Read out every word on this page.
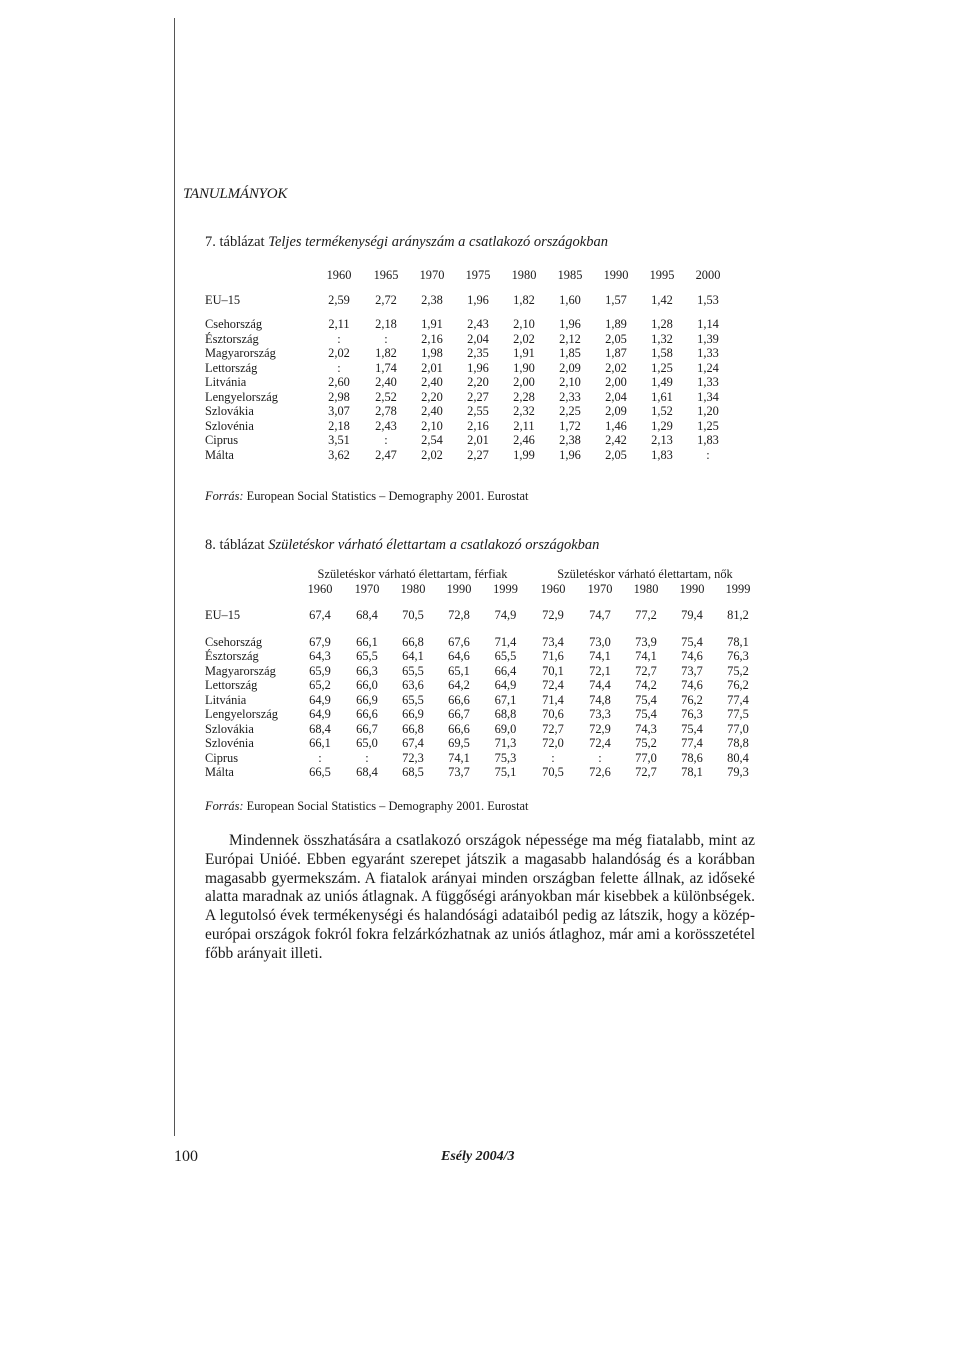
TANULMÁNYOK
7. táblázat Teljes termékenységi arányszám a csatlakozó országokban
	1960	1965	1970	1975	1980	1985	1990	1995	2000

EU–15	2,59	2,72	2,38	1,96	1,82	1,60	1,57	1,42	1,53

Csehország	2,11	2,18	1,91	2,43	2,10	1,96	1,89	1,28	1,14
Észtország	:	:	2,16	2,04	2,02	2,12	2,05	1,32	1,39
Magyarország	2,02	1,82	1,98	2,35	1,91	1,85	1,87	1,58	1,33
Lettország	:	1,74	2,01	1,96	1,90	2,09	2,02	1,25	1,24
Litvánia	2,60	2,40	2,40	2,20	2,00	2,10	2,00	1,49	1,33
Lengyelország	2,98	2,52	2,20	2,27	2,28	2,33	2,04	1,61	1,34
Szlovákia	3,07	2,78	2,40	2,55	2,32	2,25	2,09	1,52	1,20
Szlovénia	2,18	2,43	2,10	2,16	2,11	1,72	1,46	1,29	1,25
Ciprus	3,51	:	2,54	2,01	2,46	2,38	2,42	2,13	1,83
Málta	3,62	2,47	2,02	2,27	1,99	1,96	2,05	1,83	:
Forrás: European Social Statistics – Demography 2001. Eurostat
8. táblázat Születéskor várható élettartam a csatlakozó országokban
	Születéskor várható élettartam, férfiak					Születéskor várható élettartam, nők				
	1960	1970	1980	1990	1999	1960	1970	1980	1990	1999

EU–15	67,4	68,4	70,5	72,8	74,9	72,9	74,7	77,2	79,4	81,2

Csehország	67,9	66,1	66,8	67,6	71,4	73,4	73,0	73,9	75,4	78,1
Észtország	64,3	65,5	64,1	64,6	65,5	71,6	74,1	74,1	74,6	76,3
Magyarország	65,9	66,3	65,5	65,1	66,4	70,1	72,1	72,7	73,7	75,2
Lettország	65,2	66,0	63,6	64,2	64,9	72,4	74,4	74,2	74,6	76,2
Litvánia	64,9	66,9	65,5	66,6	67,1	71,4	74,8	75,4	76,2	77,4
Lengyelország	64,9	66,6	66,9	66,7	68,8	70,6	73,3	75,4	76,3	77,5
Szlovákia	68,4	66,7	66,8	66,6	69,0	72,7	72,9	74,3	75,4	77,0
Szlovénia	66,1	65,0	67,4	69,5	71,3	72,0	72,4	75,2	77,4	78,8
Ciprus	:	:	72,3	74,1	75,3	:	:	77,0	78,6	80,4
Málta	66,5	68,4	68,5	73,7	75,1	70,5	72,6	72,7	78,1	79,3
Forrás: European Social Statistics – Demography 2001. Eurostat

Mindennek összhatására a csatlakozó országok népessége ma még fiatalabb, mint az Európai Unióé. Ebben egyaránt szerepet játszik a magasabb halandóság és a korábban magasabb gyermekszám. A fiatalok arányai minden országban felette állnak, az időseké alatta maradnak az uniós átlagnak. A függőségi arányokban már kisebbek a különbségek. A legutolsó évek termékenységi és halandósági adataiból pedig az látszik, hogy a közép-európai országok fokról fokra felzárkózhatnak az uniós átlaghoz, már ami a korösszetétel főbb arányait illeti.

100	Esély 2004/3
